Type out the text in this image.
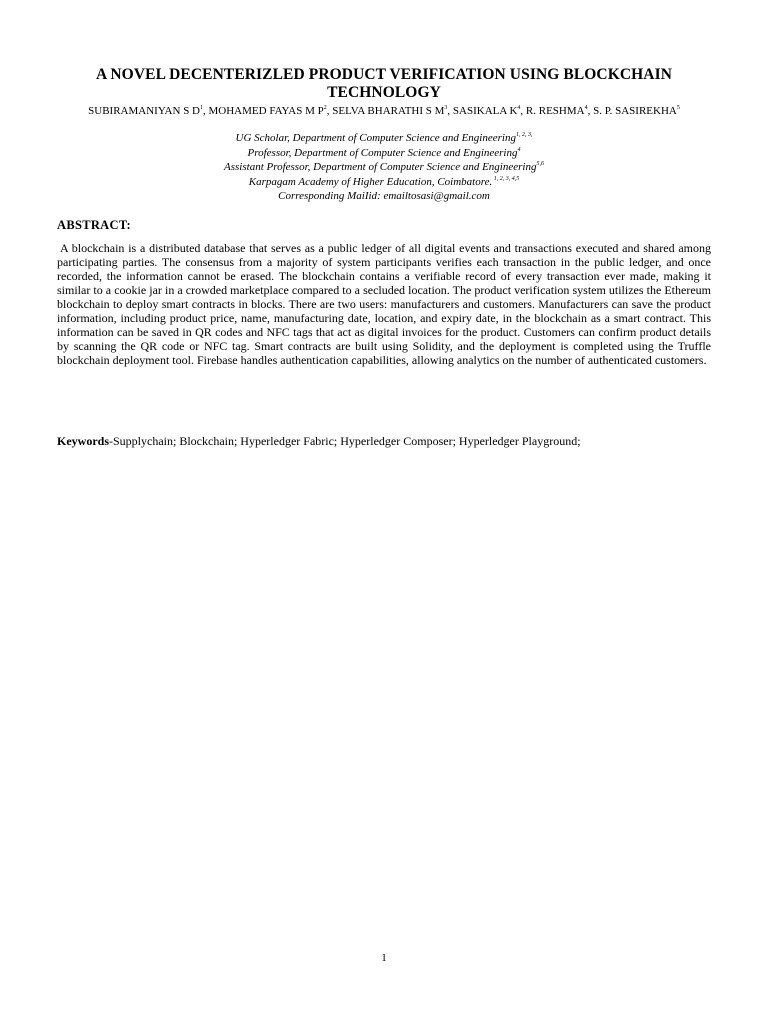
A NOVEL DECENTERIZLED PRODUCT VERIFICATION USING BLOCKCHAIN TECHNOLOGY

SUBIRAMANIYAN S $D^1$, MOHAMED FAYAS M $P^2$, SELVA BHARATHI S $M^3$, SASIKALA $K^4$, R. RESHMA$^4$, S. P. SASIREKHA$^5$

UG Scholar, Department of Computer Science and Engineering$^{1, 2, 3,}$
Professor, Department of Computer Science and Engineering$^4$
Assistant Professor, Department of Computer Science and Engineering$^{5,6}$
Karpagam Academy of Higher Education, Coimbatore. $^{1, 2, 3, 4,5}$
Corresponding MaiIid: emailtosasi@gmail.com
ABSTRACT:

A blockchain is a distributed database that serves as a public ledger of all digital events and transactions executed and shared among participating parties. The consensus from a majority of system participants verifies each transaction in the public ledger, and once recorded, the information cannot be erased. The blockchain contains a verifiable record of every transaction ever made, making it similar to a cookie jar in a crowded marketplace compared to a secluded location. The product verification system utilizes the Ethereum blockchain to deploy smart contracts in blocks. There are two users: manufacturers and customers. Manufacturers can save the product information, including product price, name, manufacturing date, location, and expiry date, in the blockchain as a smart contract. This information can be saved in QR codes and NFC tags that act as digital invoices for the product. Customers can confirm product details by scanning the QR code or NFC tag. Smart contracts are built using Solidity, and the deployment is completed using the Truffle blockchain deployment tool. Firebase handles authentication capabilities, allowing analytics on the number of authenticated customers.

Keywords-Supplychain; Blockchain; Hyperledger Fabric; Hyperledger Composer; Hyperledger Playground;

1
